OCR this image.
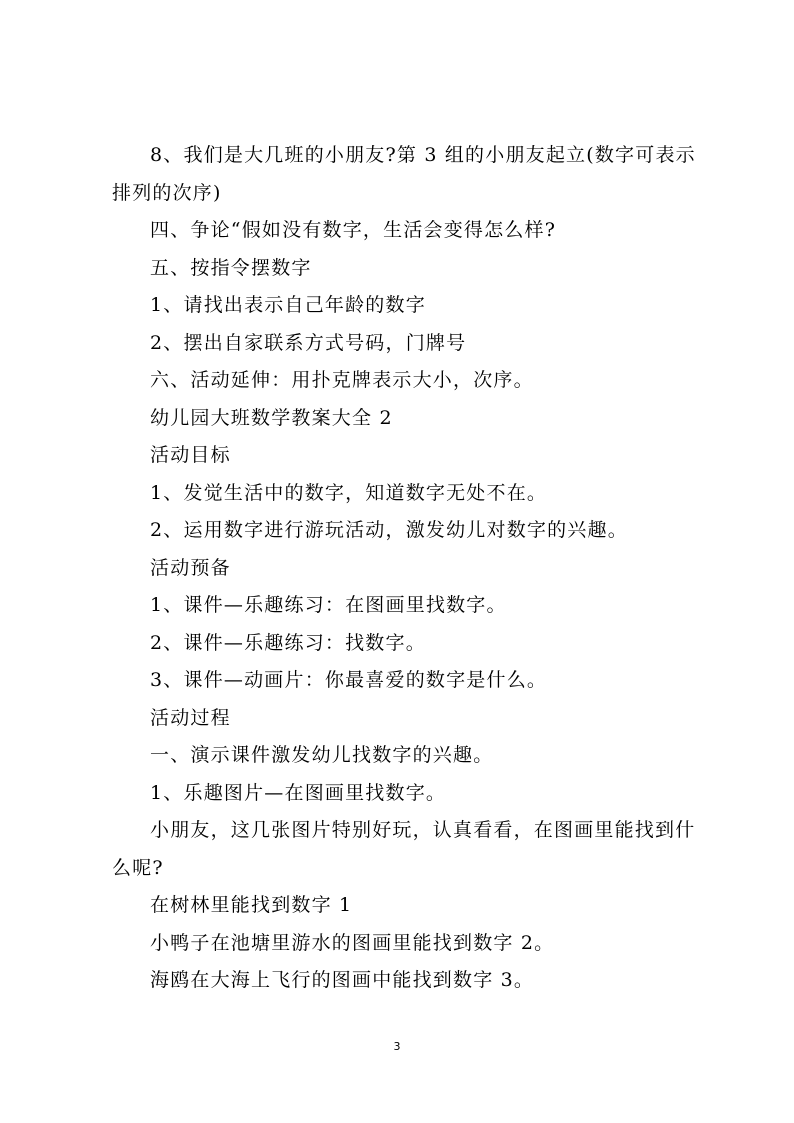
8、我们是大几班的小朋友?第 3 组的小朋友起立(数字可表示排列的次序)

四、争论“假如没有数字，生活会变得怎么样?

五、按指令摆数字

1、请找出表示自己年龄的数字

2、摆出自家联系方式号码，门牌号

六、活动延伸：用扑克牌表示大小，次序。

幼儿园大班数学教案大全 2

活动目标

1、发觉生活中的数字，知道数字无处不在。

2、运用数字进行游玩活动，激发幼儿对数字的兴趣。

活动预备

1、课件—乐趣练习：在图画里找数字。

2、课件—乐趣练习：找数字。

3、课件—动画片：你最喜爱的数字是什么。

活动过程

一、演示课件激发幼儿找数字的兴趣。

1、乐趣图片—在图画里找数字。

小朋友，这几张图片特别好玩，认真看看，在图画里能找到什么呢?

在树林里能找到数字 1

小鸭子在池塘里游水的图画里能找到数字 2。

海鸥在大海上飞行的图画中能找到数字 3。

3
